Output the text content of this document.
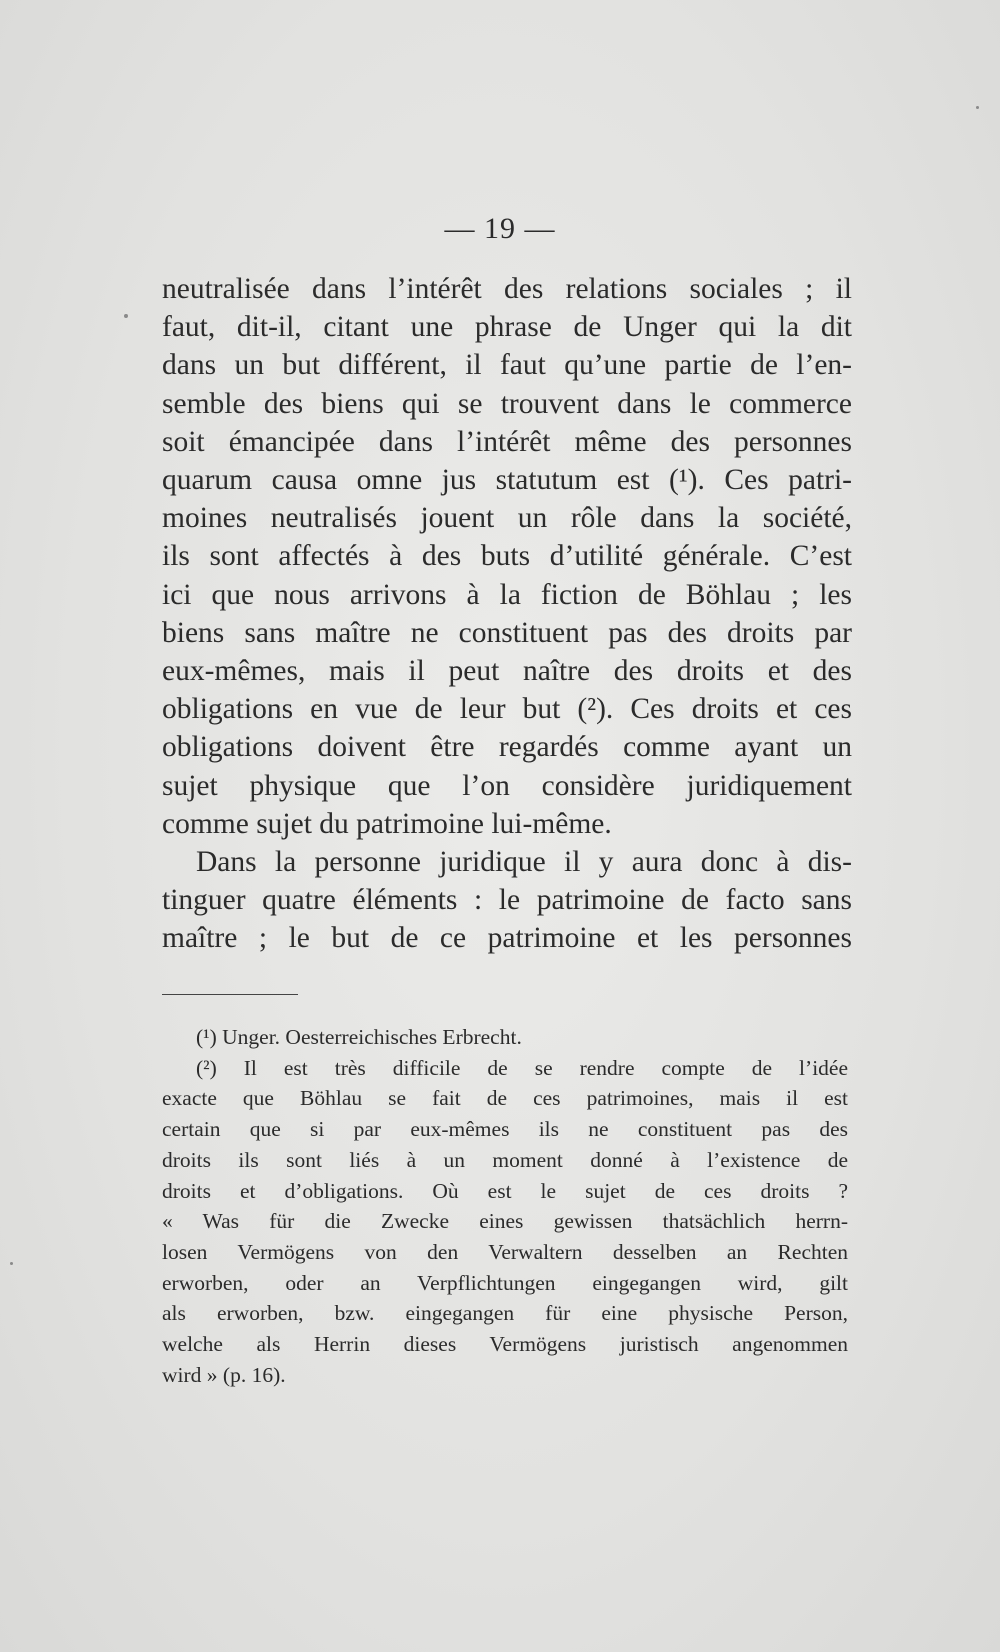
— 19 —
neutralisée dans l’intérêt des relations sociales ; il
faut, dit-il, citant une phrase de Unger qui la dit
dans un but différent, il faut qu’une partie de l’en-
semble des biens qui se trouvent dans le commerce
soit émancipée dans l’intérêt même des personnes
quarum causa omne jus statutum est (¹). Ces patri-
moines neutralisés jouent un rôle dans la société,
ils sont affectés à des buts d’utilité générale. C’est
ici que nous arrivons à la fiction de Böhlau ; les
biens sans maître ne constituent pas des droits par
eux-mêmes, mais il peut naître des droits et des
obligations en vue de leur but (²). Ces droits et ces
obligations doivent être regardés comme ayant un
sujet physique que l’on considère juridiquement
comme sujet du patrimoine lui-même.
Dans la personne juridique il y aura donc à dis-
tinguer quatre éléments : le patrimoine de facto sans
maître ; le but de ce patrimoine et les personnes
(¹) Unger. Oesterreichisches Erbrecht.
(²) Il est très difficile de se rendre compte de l’idée
exacte que Böhlau se fait de ces patrimoines, mais il est
certain que si par eux-mêmes ils ne constituent pas des
droits ils sont liés à un moment donné à l’existence de
droits et d’obligations. Où est le sujet de ces droits ?
« Was für die Zwecke eines gewissen thatsächlich herrn-
losen Vermögens von den Verwaltern desselben an Rechten
erworben, oder an Verpflichtungen eingegangen wird, gilt
als erworben, bzw. eingegangen für eine physische Person,
welche als Herrin dieses Vermögens juristisch angenommen
wird » (p. 16).
